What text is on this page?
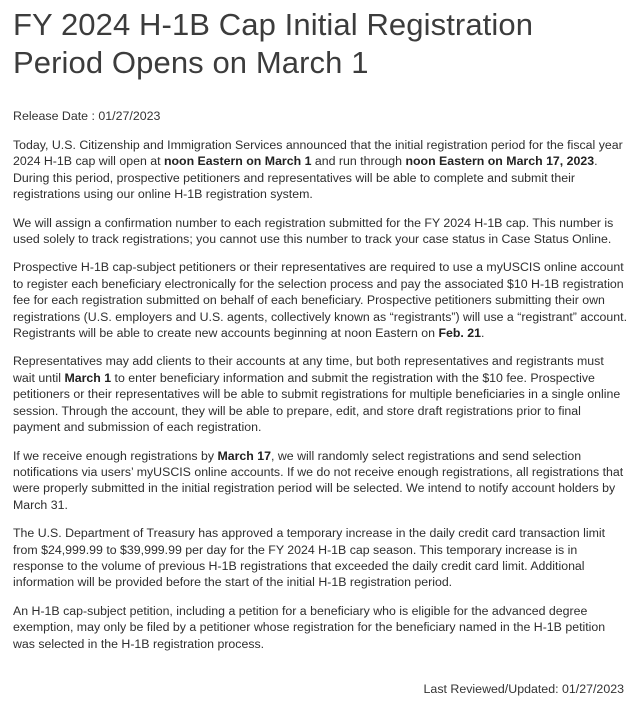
FY 2024 H-1B Cap Initial Registration Period Opens on March 1
Release Date : 01/27/2023

Today, U.S. Citizenship and Immigration Services announced that the initial registration period for the fiscal year 2024 H-1B cap will open at noon Eastern on March 1 and run through noon Eastern on March 17, 2023. During this period, prospective petitioners and representatives will be able to complete and submit their registrations using our online H-1B registration system.

We will assign a confirmation number to each registration submitted for the FY 2024 H-1B cap. This number is used solely to track registrations; you cannot use this number to track your case status in Case Status Online.

Prospective H-1B cap-subject petitioners or their representatives are required to use a myUSCIS online account to register each beneficiary electronically for the selection process and pay the associated $10 H-1B registration fee for each registration submitted on behalf of each beneficiary. Prospective petitioners submitting their own registrations (U.S. employers and U.S. agents, collectively known as “registrants”) will use a “registrant” account. Registrants will be able to create new accounts beginning at noon Eastern on Feb. 21.

Representatives may add clients to their accounts at any time, but both representatives and registrants must wait until March 1 to enter beneficiary information and submit the registration with the $10 fee. Prospective petitioners or their representatives will be able to submit registrations for multiple beneficiaries in a single online session. Through the account, they will be able to prepare, edit, and store draft registrations prior to final payment and submission of each registration.

If we receive enough registrations by March 17, we will randomly select registrations and send selection notifications via users’ myUSCIS online accounts. If we do not receive enough registrations, all registrations that were properly submitted in the initial registration period will be selected. We intend to notify account holders by March 31.

The U.S. Department of Treasury has approved a temporary increase in the daily credit card transaction limit from $24,999.99 to $39,999.99 per day for the FY 2024 H-1B cap season. This temporary increase is in response to the volume of previous H-1B registrations that exceeded the daily credit card limit. Additional information will be provided before the start of the initial H-1B registration period.

An H-1B cap-subject petition, including a petition for a beneficiary who is eligible for the advanced degree exemption, may only be filed by a petitioner whose registration for the beneficiary named in the H-1B petition was selected in the H-1B registration process.

Last Reviewed/Updated: 01/27/2023
